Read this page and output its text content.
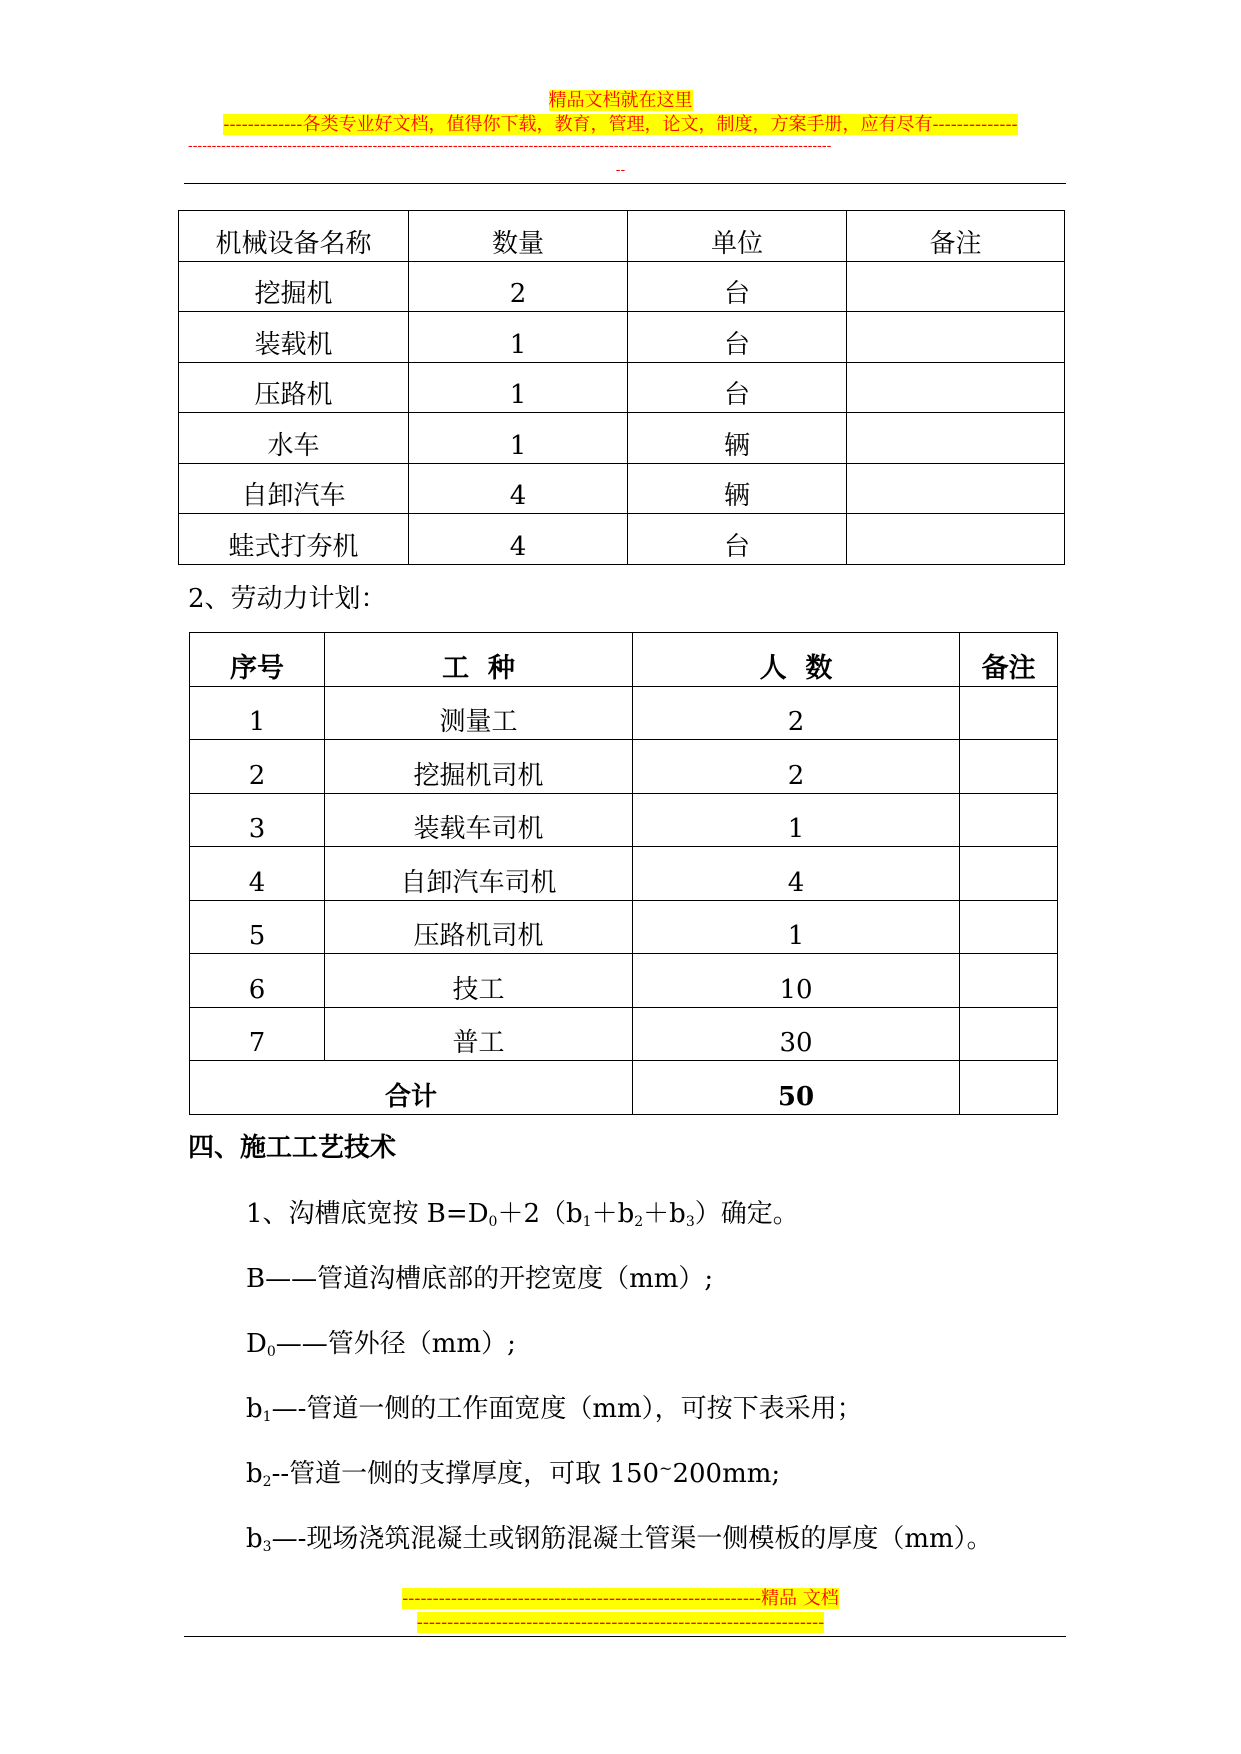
精品文档就在这里
-------------各类专业好文档，值得你下载，教育，管理，论文，制度，方案手册，应有尽有--------------
----------------------------------------------------------------------------------------------------------------------------------------
--
机械设备名称	数量	单位	备注
挖掘机	2	台	
装载机	1	台	
压路机	1	台	
水车	1	辆	
自卸汽车	4	辆	
蛙式打夯机	4	台	
2、劳动力计划：
序号	工  种	人  数	备注
1	测量工	2	
2	挖掘机司机	2	
3	装载车司机	1	
4	自卸汽车司机	4	
5	压路机司机	1	
6	技工	10	
7	普工	30	
合计		50	
四、施工工艺技术
1、沟槽底宽按 $B=D_0+2(b_1+b_2+b_3)$确定。
B——管道沟槽底部的开挖宽度（mm）;
$D_0——$管外径（mm）;
$b_1—-$管道一侧的工作面宽度（mm），可按下表采用；
$b_2--$管道一侧的支撑厚度，可取 150~200mm;
$b_3—-$现场浇筑混凝土或钢筋混凝土管渠一侧模板的厚度（mm）。
-----------------------------------------------------------精品 文档
-------------------------------------------------------------------
